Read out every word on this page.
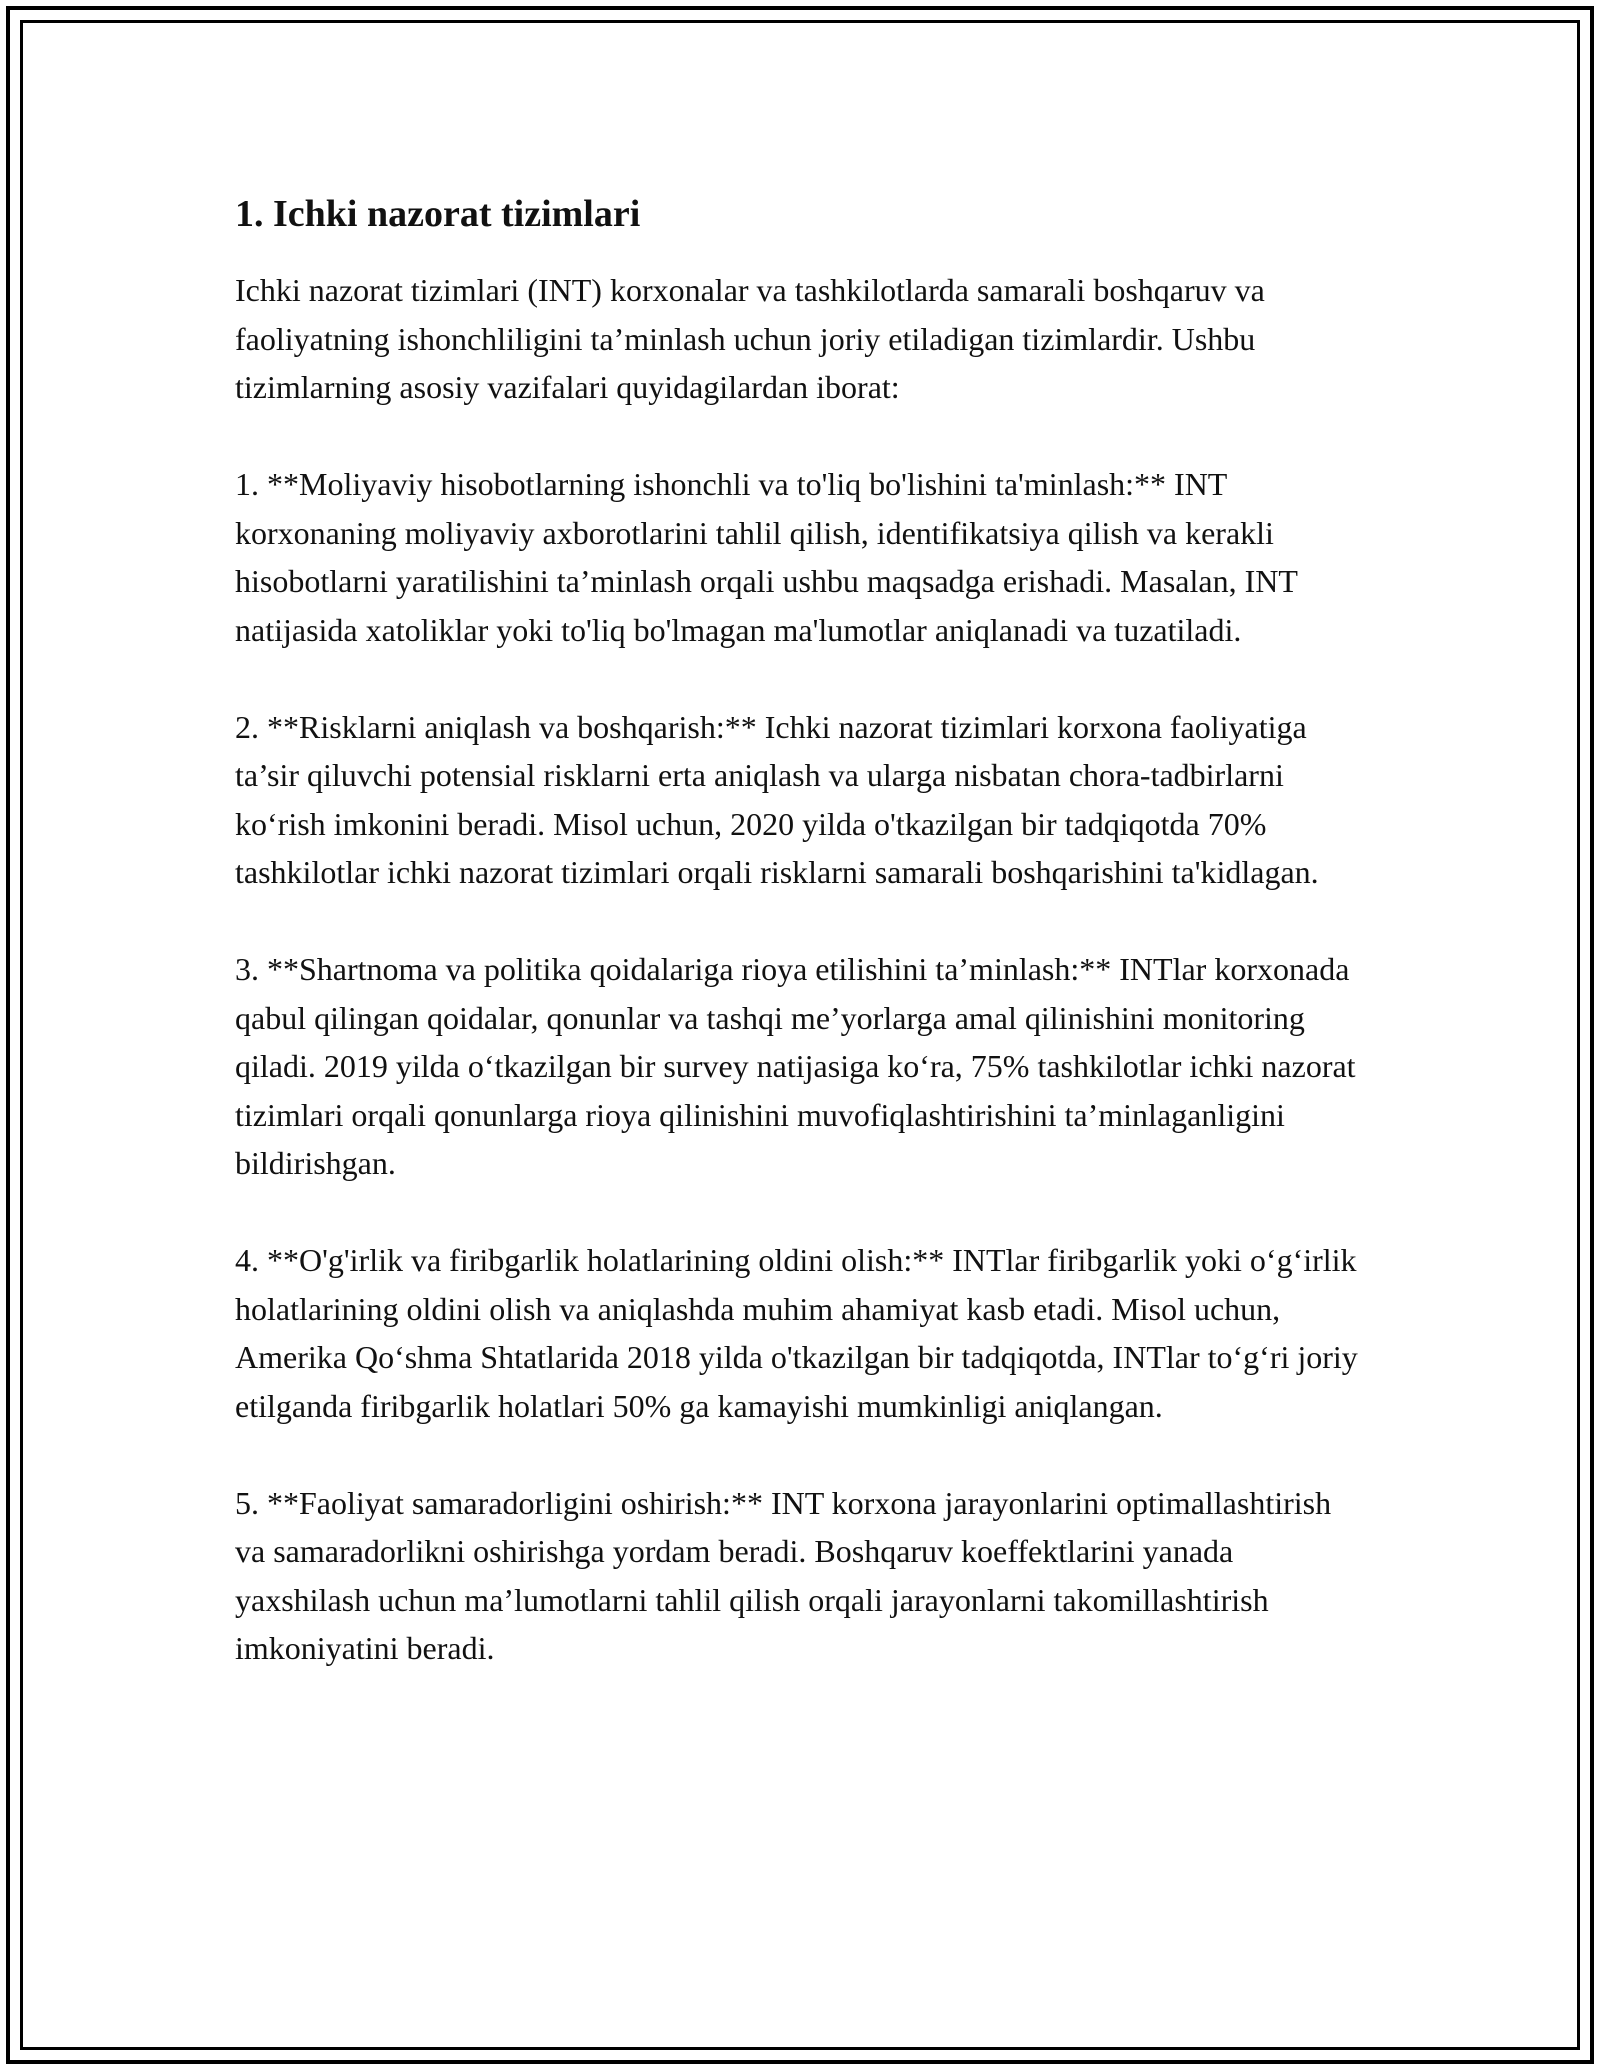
1. Ichki nazorat tizimlari

Ichki nazorat tizimlari (INT) korxonalar va tashkilotlarda samarali boshqaruv va faoliyatning ishonchliligini ta’minlash uchun joriy etiladigan tizimlardir. Ushbu tizimlarning asosiy vazifalari quyidagilardan iborat:

1. **Moliyaviy hisobotlarning ishonchli va to'liq bo'lishini ta'minlash:** INT korxonaning moliyaviy axborotlarini tahlil qilish, identifikatsiya qilish va kerakli hisobotlarni yaratilishini ta’minlash orqali ushbu maqsadga erishadi. Masalan, INT natijasida xatoliklar yoki to'liq bo'lmagan ma'lumotlar aniqlanadi va tuzatiladi.

2. **Risklarni aniqlash va boshqarish:** Ichki nazorat tizimlari korxona faoliyatiga ta’sir qiluvchi potensial risklarni erta aniqlash va ularga nisbatan chora-tadbirlarni ko‘rish imkonini beradi. Misol uchun, 2020 yilda o'tkazilgan bir tadqiqotda 70% tashkilotlar ichki nazorat tizimlari orqali risklarni samarali boshqarishini ta'kidlagan.

3. **Shartnoma va politika qoidalariga rioya etilishini ta’minlash:** INTlar korxonada qabul qilingan qoidalar, qonunlar va tashqi me’yorlarga amal qilinishini monitoring qiladi. 2019 yilda o‘tkazilgan bir survey natijasiga ko‘ra, 75% tashkilotlar ichki nazorat tizimlari orqali qonunlarga rioya qilinishini muvofiqlashtirishini ta’minlaganligini bildirishgan.

4. **O'g'irlik va firibgarlik holatlarining oldini olish:** INTlar firibgarlik yoki o‘g‘irlik holatlarining oldini olish va aniqlashda muhim ahamiyat kasb etadi. Misol uchun, Amerika Qo‘shma Shtatlarida 2018 yilda o'tkazilgan bir tadqiqotda, INTlar to‘g‘ri joriy etilganda firibgarlik holatlari 50% ga kamayishi mumkinligi aniqlangan.

5. **Faoliyat samaradorligini oshirish:** INT korxona jarayonlarini optimallashtirish va samaradorlikni oshirishga yordam beradi. Boshqaruv koeffektlarini yanada yaxshilash uchun ma’lumotlarni tahlil qilish orqali jarayonlarni takomillashtirish imkoniyatini beradi.
